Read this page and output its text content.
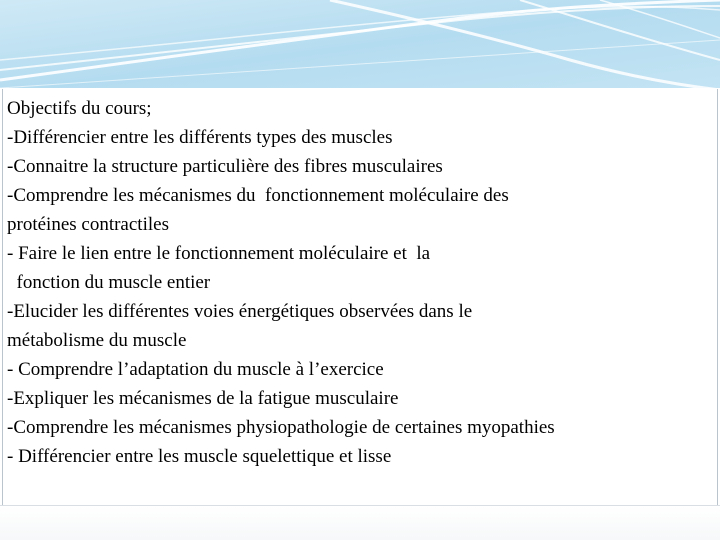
Objectifs du cours;
-Différencier entre les différents types des muscles
-Connaitre la structure particulière des fibres musculaires
-Comprendre les mécanismes du  fonctionnement moléculaire des
protéines contractiles
- Faire le lien entre le fonctionnement moléculaire et  la
fonction du muscle entier
-Elucider les différentes voies énergétiques observées dans le
métabolisme du muscle
- Comprendre l’adaptation du muscle à l’exercice
-Expliquer les mécanismes de la fatigue musculaire
-Comprendre les mécanismes physiopathologie de certaines myopathies
- Différencier entre les muscle squelettique et lisse
